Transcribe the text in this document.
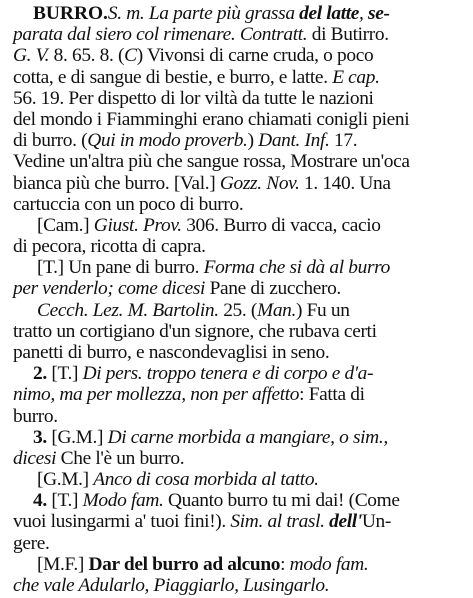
BURRO.S. m. La parte più grassa del latte, se-
parata dal siero col rimenare. Contratt. di Butirro.
G. V. 8. 65. 8. (C) Vivonsi di carne cruda, o poco
cotta, e di sangue di bestie, e burro, e latte. E cap.
56. 19. Per dispetto di lor viltà da tutte le nazioni
del mondo i Fiamminghi erano chiamati conigli pieni
di burro. (Qui in modo proverb.) Dant. Inf. 17.
Vedine un'altra più che sangue rossa, Mostrare un'oca
bianca più che burro. [Val.] Gozz. Nov. 1. 140. Una
cartuccia con un poco di burro.
[Cam.] Giust. Prov. 306. Burro di vacca, cacio
di pecora, ricotta di capra.
[T.] Un pane di burro. Forma che si dà al burro
per venderlo; come dicesi Pane di zucchero.
Cecch. Lez. M. Bartolin. 25. (Man.) Fu un
tratto un cortigiano d'un signore, che rubava certi
panetti di burro, e nascondevaglisi in seno.
2. [T.] Di pers. troppo tenera e di corpo e d'a-
nimo, ma per mollezza, non per affetto: Fatta di
burro.
3. [G.M.] Di carne morbida a mangiare, o sim.,
dicesi Che l'è un burro.
[G.M.] Anco di cosa morbida al tatto.
4. [T.] Modo fam. Quanto burro tu mi dai! (Come
vuoi lusingarmi a' tuoi fini!). Sim. al trasl. dell'Un-
gere.
[M.F.] Dar del burro ad alcuno: modo fam.
che vale Adularlo, Piaggiarlo, Lusingarlo.
